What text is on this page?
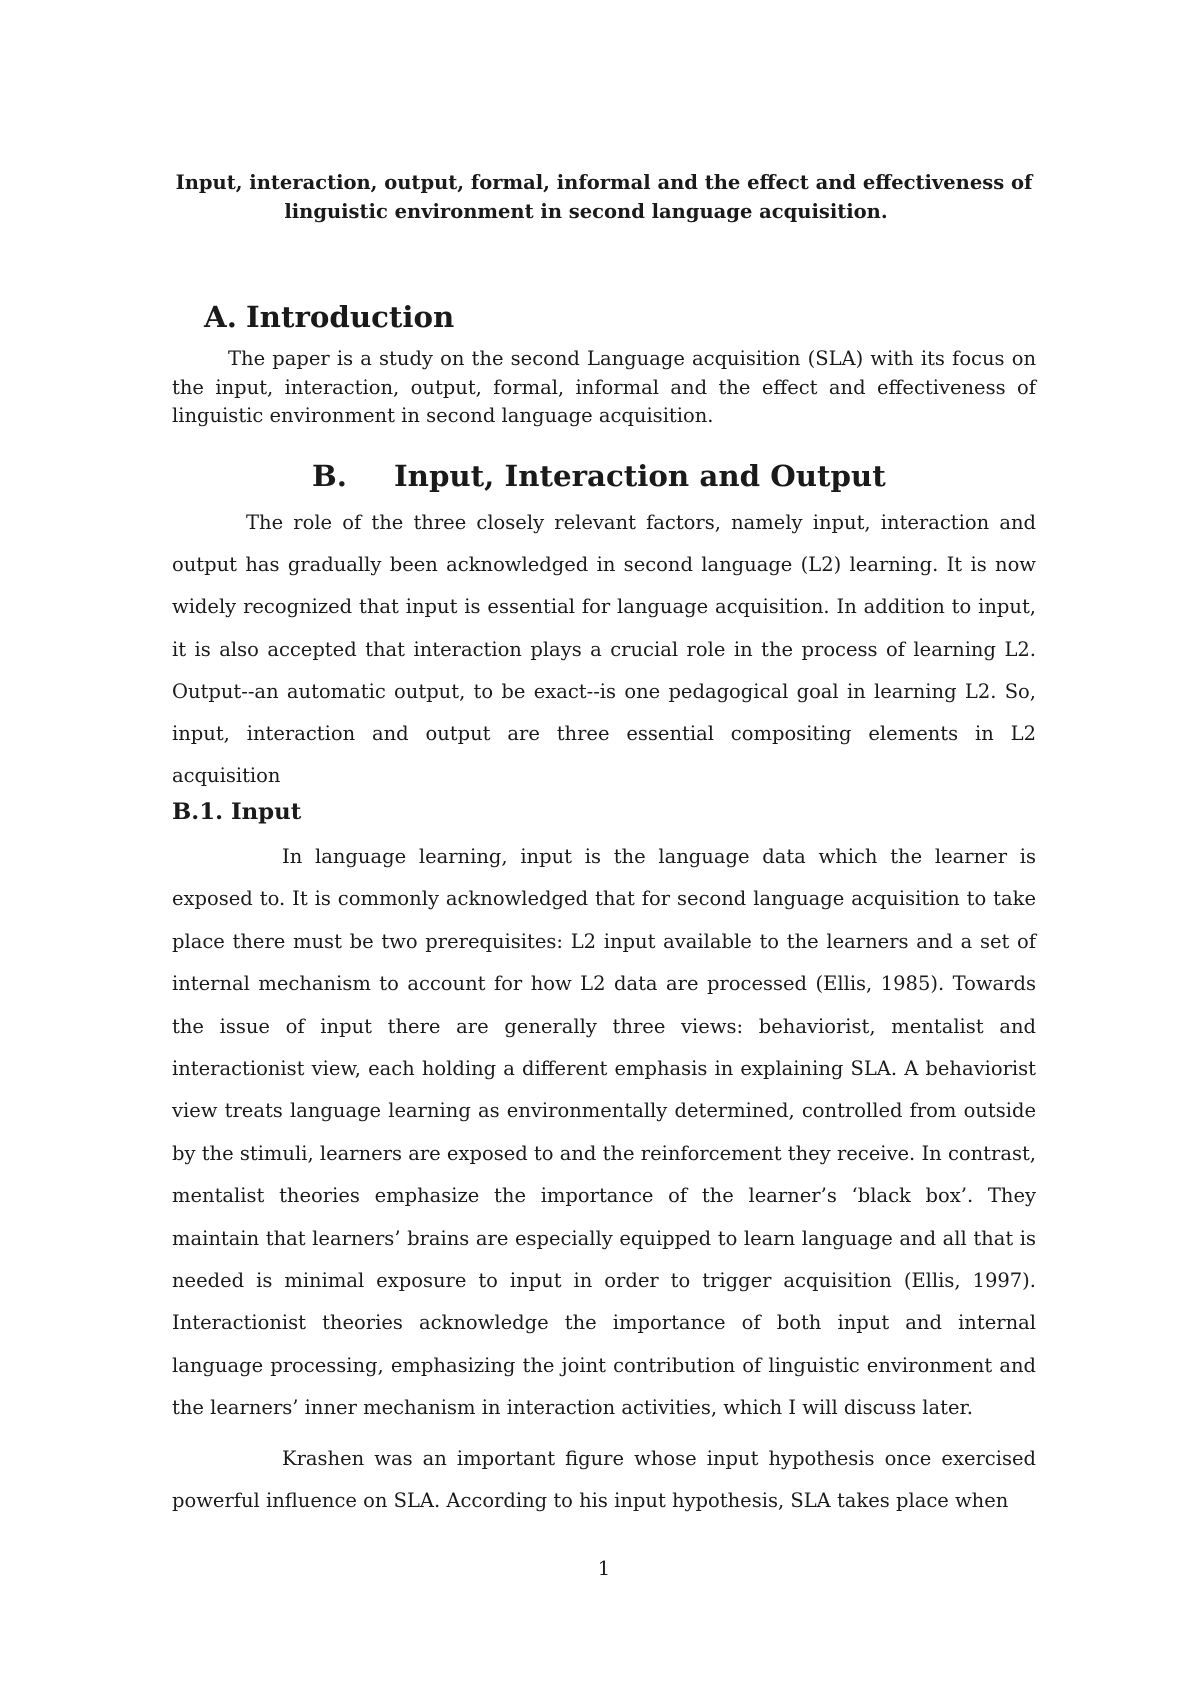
Input, interaction, output, formal, informal and the effect and effectiveness of
linguistic environment in second language acquisition.
A. Introduction

The paper is a study on the second Language acquisition (SLA) with its focus on the input, interaction, output, formal, informal and the effect and effectiveness of linguistic environment in second language acquisition.

B. Input, Interaction and Output

The role of the three closely relevant factors, namely input, interaction and output has gradually been acknowledged in second language (L2) learning. It is now widely recognized that input is essential for language acquisition. In addition to input, it is also accepted that interaction plays a crucial role in the process of learning L2. Output--an automatic output, to be exact--is one pedagogical goal in learning L2. So, input, interaction and output are three essential compositing elements in L2 acquisition

B.1. Input

In language learning, input is the language data which the learner is exposed to. It is commonly acknowledged that for second language acquisition to take place there must be two prerequisites: L2 input available to the learners and a set of internal mechanism to account for how L2 data are processed (Ellis, 1985). Towards the issue of input there are generally three views: behaviorist, mentalist and interactionist view, each holding a different emphasis in explaining SLA. A behaviorist view treats language learning as environmentally determined, controlled from outside by the stimuli, learners are exposed to and the reinforcement they receive. In contrast, mentalist theories emphasize the importance of the learner’s ‘black box’. They maintain that learners’ brains are especially equipped to learn language and all that is needed is minimal exposure to input in order to trigger acquisition (Ellis, 1997). Interactionist theories acknowledge the importance of both input and internal language processing, emphasizing the joint contribution of linguistic environment and the learners’ inner mechanism in interaction activities, which I will discuss later.

Krashen was an important figure whose input hypothesis once exercised powerful influence on SLA. According to his input hypothesis, SLA takes place when

1
